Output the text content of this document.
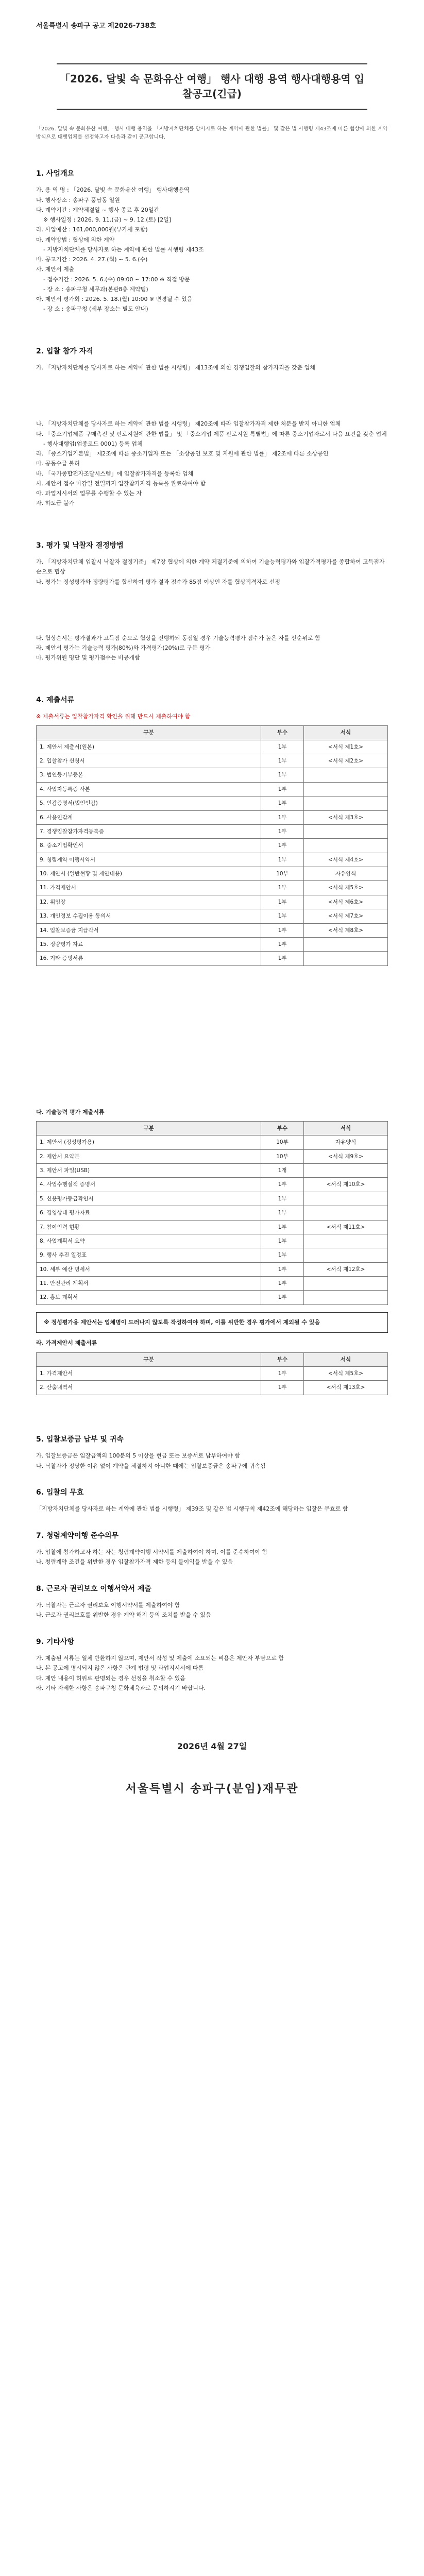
서울특별시 송파구 공고 제2026-738호
「2026. 달빛 속 문화유산 여행」 행사 대행 용역 행사대행용역 입찰공고(긴급)
「2026. 달빛 속 문화유산 여행」 행사 대행 용역을 「지방자치단체를 당사자로 하는 계약에 관한 법률」 및 같은 법 시행령 제43조에 따른 협상에 의한 계약 방식으로 대행업체를 선정하고자 다음과 같이 공고합니다.
1. 사업개요

가. 용 역 명 : 「2026. 달빛 속 문화유산 여행」 행사대행용역

나. 행사장소 : 송파구 풍납동 일원

다. 계약기간 : 계약체결일 ~ 행사 종료 후 20일간

※ 행사일정 : 2026. 9. 11.(금) ~ 9. 12.(토) [2일]

라. 사업예산 : 161,000,000원(부가세 포함)

마. 계약방법 : 협상에 의한 계약

- 지방자치단체를 당사자로 하는 계약에 관한 법률 시행령 제43조

바. 공고기간 : 2026. 4. 27.(월) ~ 5. 6.(수)

사. 제안서 제출

- 접수기간 : 2026. 5. 6.(수) 09:00 ~ 17:00 ※ 직접 방문

- 장 소 : 송파구청 세무과(본관8층 계약팀)

아. 제안서 평가회 : 2026. 5. 18.(월) 10:00 ※ 변경될 수 있음

- 장 소 : 송파구청 (세부 장소는 별도 안내)

2. 입찰 참가 자격

가. 「지방자치단체를 당사자로 하는 계약에 관한 법률 시행령」 제13조에 의한 경쟁입찰의 참가자격을 갖춘 업체

나. 「지방자치단체를 당사자로 하는 계약에 관한 법률 시행령」 제20조에 따라 입찰참가자격 제한 처분을 받지 아니한 업체

다. 「중소기업제품 구매촉진 및 판로지원에 관한 법률」 및 「중소기업 제품 판로지원 특별법」에 따른 중소기업자로서 다음 요건을 갖춘 업체

- 행사대행업(업종코드 0001) 등록 업체

라. 「중소기업기본법」 제2조에 따른 중소기업자 또는 「소상공인 보호 및 지원에 관한 법률」 제2조에 따른 소상공인

마. 공동수급 불허

바. 「국가종합전자조달시스템」에 입찰참가자격을 등록한 업체

사. 제안서 접수 마감일 전일까지 입찰참가자격 등록을 완료하여야 함

아. 과업지시서의 업무를 수행할 수 있는 자

자. 하도급 불가

3. 평가 및 낙찰자 결정방법

가. 「지방자치단체 입찰시 낙찰자 결정기준」 제7장 협상에 의한 계약 체결기준에 의하여 기술능력평가와 입찰가격평가를 종합하여 고득점자 순으로 협상

나. 평가는 정성평가와 정량평가를 합산하여 평가 결과 점수가 85점 이상인 자를 협상적격자로 선정

다. 협상순서는 평가결과가 고득점 순으로 협상을 진행하되 동점일 경우 기술능력평가 점수가 높은 자를 선순위로 함

라. 제안서 평가는 기술능력 평가(80%)와 가격평가(20%)로 구분 평가

마. 평가위원 명단 및 평가점수는 비공개함

4. 제출서류

※ 제출서류는 입찰참가자격 확인을 위해 반드시 제출하여야 함

구분	부수	서식
1. 제안서 제출서(원본)	1부	<서식 제1호>
2. 입찰참가 신청서	1부	<서식 제2호>
3. 법인등기부등본	1부	
4. 사업자등록증 사본	1부	
5. 인감증명서(법인인감)	1부	
6. 사용인감계	1부	<서식 제3호>
7. 경쟁입찰참가자격등록증	1부	
8. 중소기업확인서	1부	
9. 청렴계약 이행서약서	1부	<서식 제4호>
10. 제안서 (일반현황 및 제안내용)	10부	자유양식
11. 가격제안서	1부	<서식 제5호>
12. 위임장	1부	<서식 제6호>
13. 개인정보 수집이용 동의서	1부	<서식 제7호>
14. 입찰보증금 지급각서	1부	<서식 제8호>
15. 정량평가 자료	1부	
16. 기타 증빙서류	1부	

다. 기술능력 평가 제출서류

구분	부수	서식
1. 제안서 (정성평가용)	10부	자유양식
2. 제안서 요약본	10부	<서식 제9호>
3. 제안서 파일(USB)	1개	
4. 사업수행실적 증명서	1부	<서식 제10호>
5. 신용평가등급확인서	1부	
6. 경영상태 평가자료	1부	
7. 참여인력 현황	1부	<서식 제11호>
8. 사업계획서 요약	1부	
9. 행사 추진 일정표	1부	
10. 세부 예산 명세서	1부	<서식 제12호>
11. 안전관리 계획서	1부	
12. 홍보 계획서	1부	
※ 정성평가용 제안서는 업체명이 드러나지 않도록 작성하여야 하며, 이를 위반한 경우 평가에서 제외될 수 있음

라. 가격제안서 제출서류

구분	부수	서식
1. 가격제안서	1부	<서식 제5호>
2. 산출내역서	1부	<서식 제13호>
5. 입찰보증금 납부 및 귀속

가. 입찰보증금은 입찰금액의 100분의 5 이상을 현금 또는 보증서로 납부하여야 함

나. 낙찰자가 정당한 이유 없이 계약을 체결하지 아니한 때에는 입찰보증금은 송파구에 귀속됨

6. 입찰의 무효

「지방자치단체를 당사자로 하는 계약에 관한 법률 시행령」 제39조 및 같은 법 시행규칙 제42조에 해당하는 입찰은 무효로 함

7. 청렴계약이행 준수의무

가. 입찰에 참가하고자 하는 자는 청렴계약이행 서약서를 제출하여야 하며, 이를 준수하여야 함

나. 청렴계약 조건을 위반한 경우 입찰참가자격 제한 등의 불이익을 받을 수 있음

8. 근로자 권리보호 이행서약서 제출

가. 낙찰자는 근로자 권리보호 이행서약서를 제출하여야 함

나. 근로자 권리보호를 위반한 경우 계약 해지 등의 조치를 받을 수 있음

9. 기타사항

가. 제출된 서류는 일체 반환하지 않으며, 제안서 작성 및 제출에 소요되는 비용은 제안자 부담으로 함

나. 본 공고에 명시되지 않은 사항은 관계 법령 및 과업지시서에 따름

다. 제안 내용이 허위로 판명되는 경우 선정을 취소할 수 있음

라. 기타 자세한 사항은 송파구청 문화체육과로 문의하시기 바랍니다.

2026년 4월 27일
서울특별시 송파구(분임)재무관
